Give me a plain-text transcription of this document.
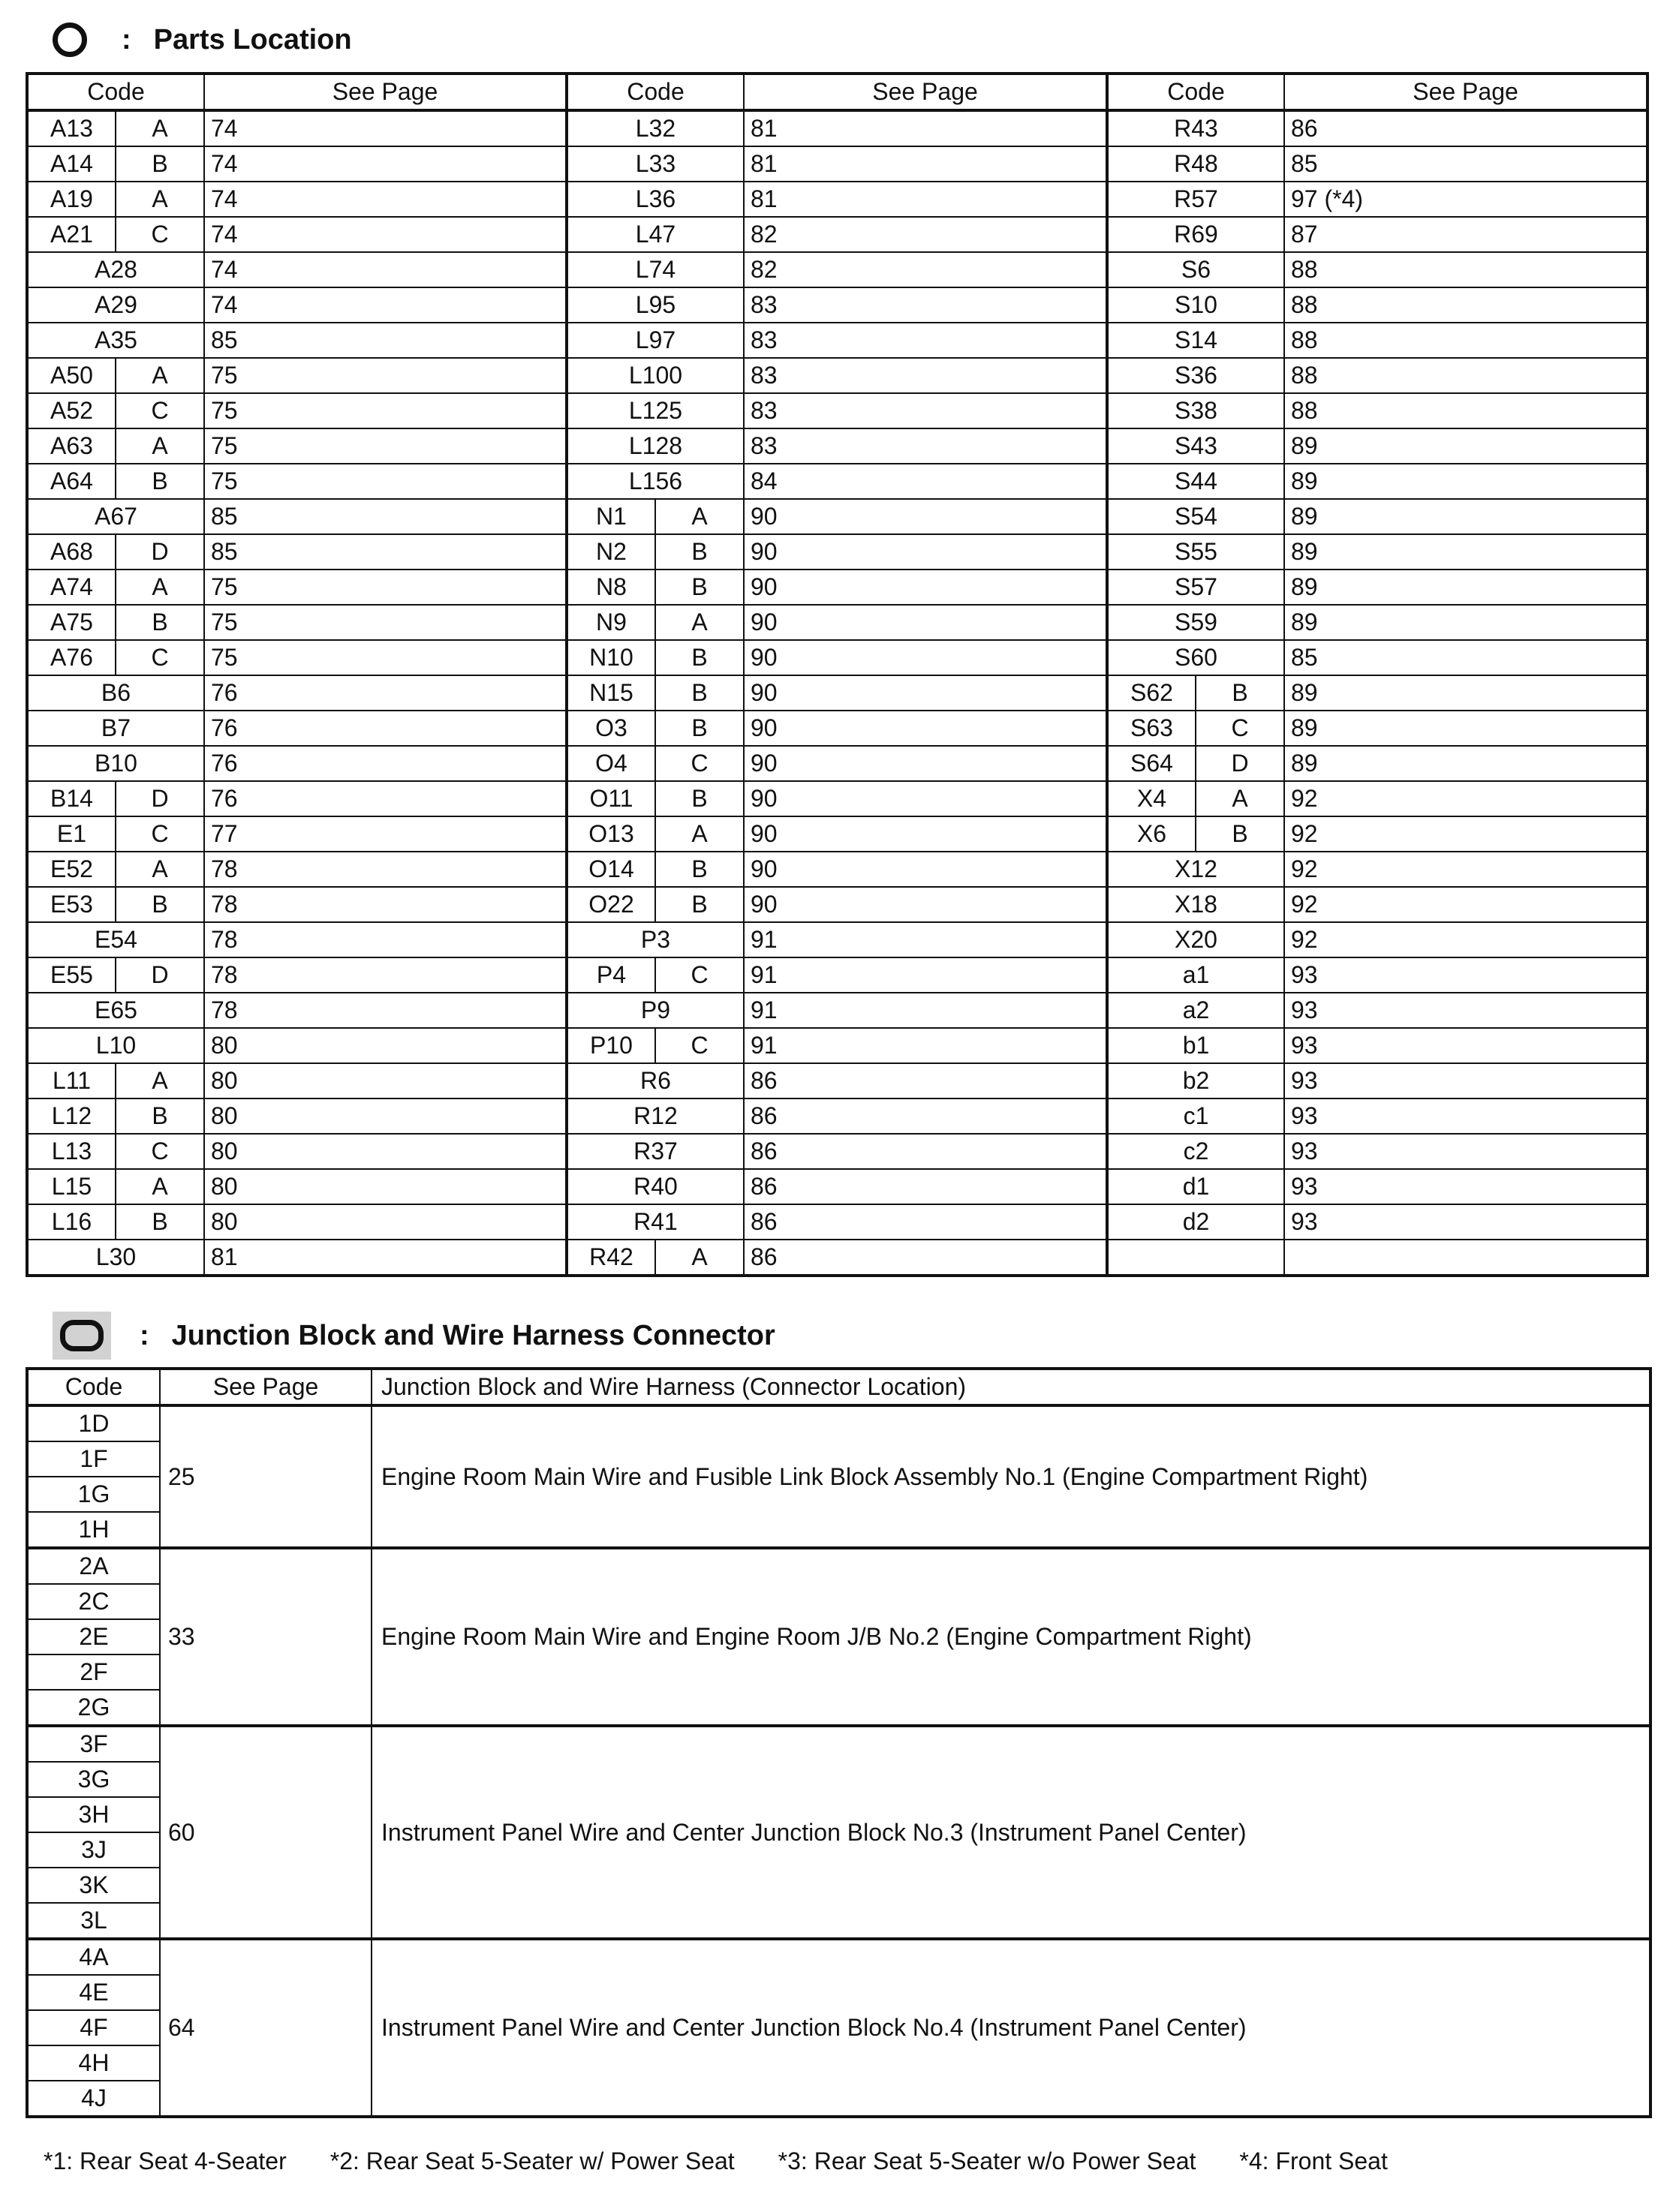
: Parts Location
Code		See Page	Code		See Page	Code		See Page
A13	A	74	L32		81	R43		86
A14	B	74	L33		81	R48		85
A19	A	74	L36		81	R57		97 (*4)
A21	C	74	L47		82	R69		87
A28		74	L74		82	S6		88
A29		74	L95		83	S10		88
A35		85	L97		83	S14		88
A50	A	75	L100		83	S36		88
A52	C	75	L125		83	S38		88
A63	A	75	L128		83	S43		89
A64	B	75	L156		84	S44		89
A67		85	N1	A	90	S54		89
A68	D	85	N2	B	90	S55		89
A74	A	75	N8	B	90	S57		89
A75	B	75	N9	A	90	S59		89
A76	C	75	N10	B	90	S60		85
B6		76	N15	B	90	S62	B	89
B7		76	O3	B	90	S63	C	89
B10		76	O4	C	90	S64	D	89
B14	D	76	O11	B	90	X4	A	92
E1	C	77	O13	A	90	X6	B	92
E52	A	78	O14	B	90	X12		92
E53	B	78	O22	B	90	X18		92
E54		78	P3		91	X20		92
E55	D	78	P4	C	91	a1		93
E65		78	P9		91	a2		93
L10		80	P10	C	91	b1		93
L11	A	80	R6		86	b2		93
L12	B	80	R12		86	c1		93
L13	C	80	R37		86	c2		93
L15	A	80	R40		86	d1		93
L16	B	80	R41		86	d2		93
L30		81	R42	A	86			
: Junction Block and Wire Harness Connector
Code	See Page	Junction Block and Wire Harness (Connector Location)
1D	25	Engine Room Main Wire and Fusible Link Block Assembly No.1 (Engine Compartment Right)
1F		
1G		
1H		
2A	33	Engine Room Main Wire and Engine Room J/B No.2 (Engine Compartment Right)
2C		
2E		
2F		
2G		
3F	60	Instrument Panel Wire and Center Junction Block No.3 (Instrument Panel Center)
3G		
3H		
3J		
3K		
3L		
4A	64	Instrument Panel Wire and Center Junction Block No.4 (Instrument Panel Center)
4E		
4F		
4H		
4J		
*1: Rear Seat 4-Seater *2: Rear Seat 5-Seater w/ Power Seat *3: Rear Seat 5-Seater w/o Power Seat *4: Front Seat
